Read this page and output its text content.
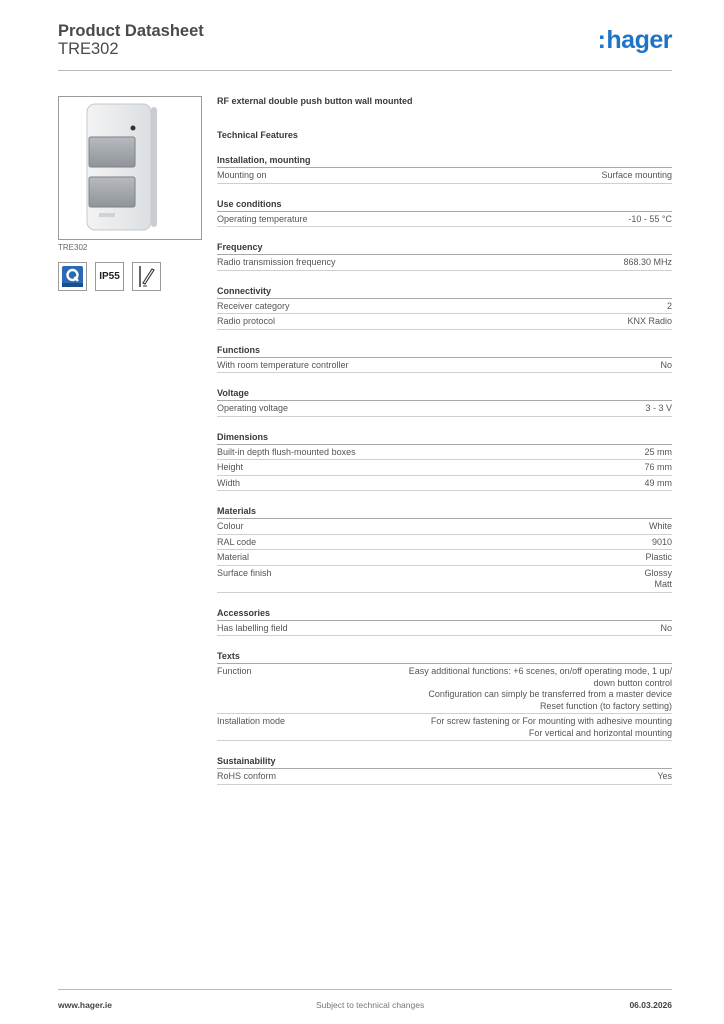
Product Datasheet
TRE302	:hager
TRE302
IP55
RF external double push button wall mounted
Technical Features
Installation, mounting
Mounting on	Surface mounting
Use conditions
Operating temperature	-10 - 55 °C
Frequency
Radio transmission frequency	868.30 MHz
Connectivity
Receiver category	2
Radio protocol	KNX Radio
Functions
With room temperature controller	No
Voltage
Operating voltage	3 - 3 V
Dimensions
Built-in depth flush-mounted boxes	25 mm
Height	76 mm
Width	49 mm
Materials
Colour	White
RAL code	9010
Material	Plastic
Surface finish	Glossy
Matt
Accessories
Has labelling field	No
Texts
Function	Easy additional functions: +6 scenes, on/off operating mode, 1 up/
down button control
Configuration can simply be transferred from a master device
Reset function (to factory setting)
Installation mode	For screw fastening or For mounting with adhesive mounting
For vertical and horizontal mounting
Sustainability
RoHS conform	Yes
www.hager.ie	Subject to technical changes	06.03.2026
